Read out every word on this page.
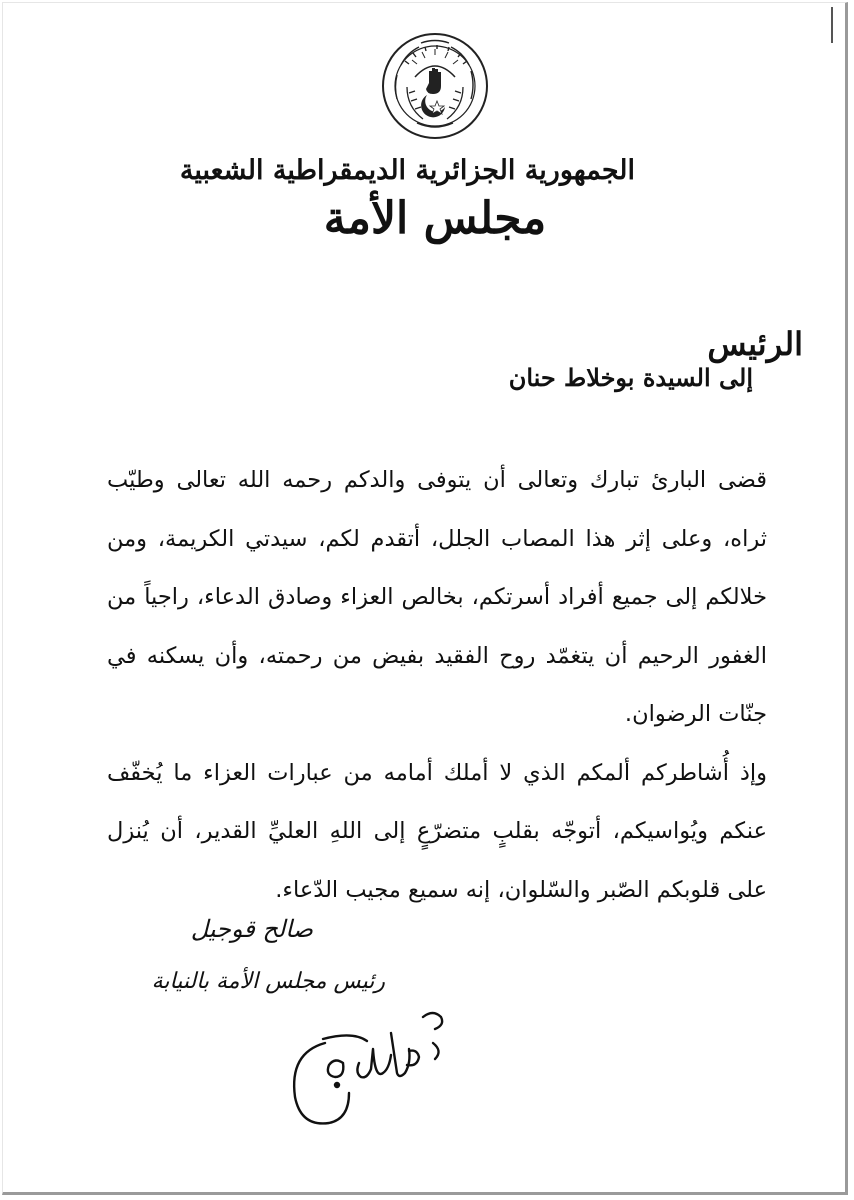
الجمهورية الجزائرية الديمقراطية الشعبية
مجلس الأمة
الرئيس
إلى السيدة بوخلاط حنان

قضى البارئ تبارك وتعالى أن يتوفى والدكم رحمه الله تعالى وطيّب ثراه، وعلى إثر هذا المصاب الجلل، أتقدم لكم، سيدتي الكريمة، ومن خلالكم إلى جميع أفراد أسرتكم، بخالص العزاء وصادق الدعاء، راجياً من الغفور الرحيم أن يتغمّد روح الفقيد بفيض من رحمته، وأن يسكنه في جنّات الرضوان.

وإذ أُشاطركم ألمكم الذي لا أملك أمامه من عبارات العزاء ما يُخفّف عنكم ويُواسيكم، أتوجّه بقلبٍ متضرّعٍ إلى اللهِ العليِّ القدير، أن يُنزل على قلوبكم الصّبر والسّلوان، إنه سميع مجيب الدّعاء.

صالح قوجيل
رئيس مجلس الأمة بالنيابة
